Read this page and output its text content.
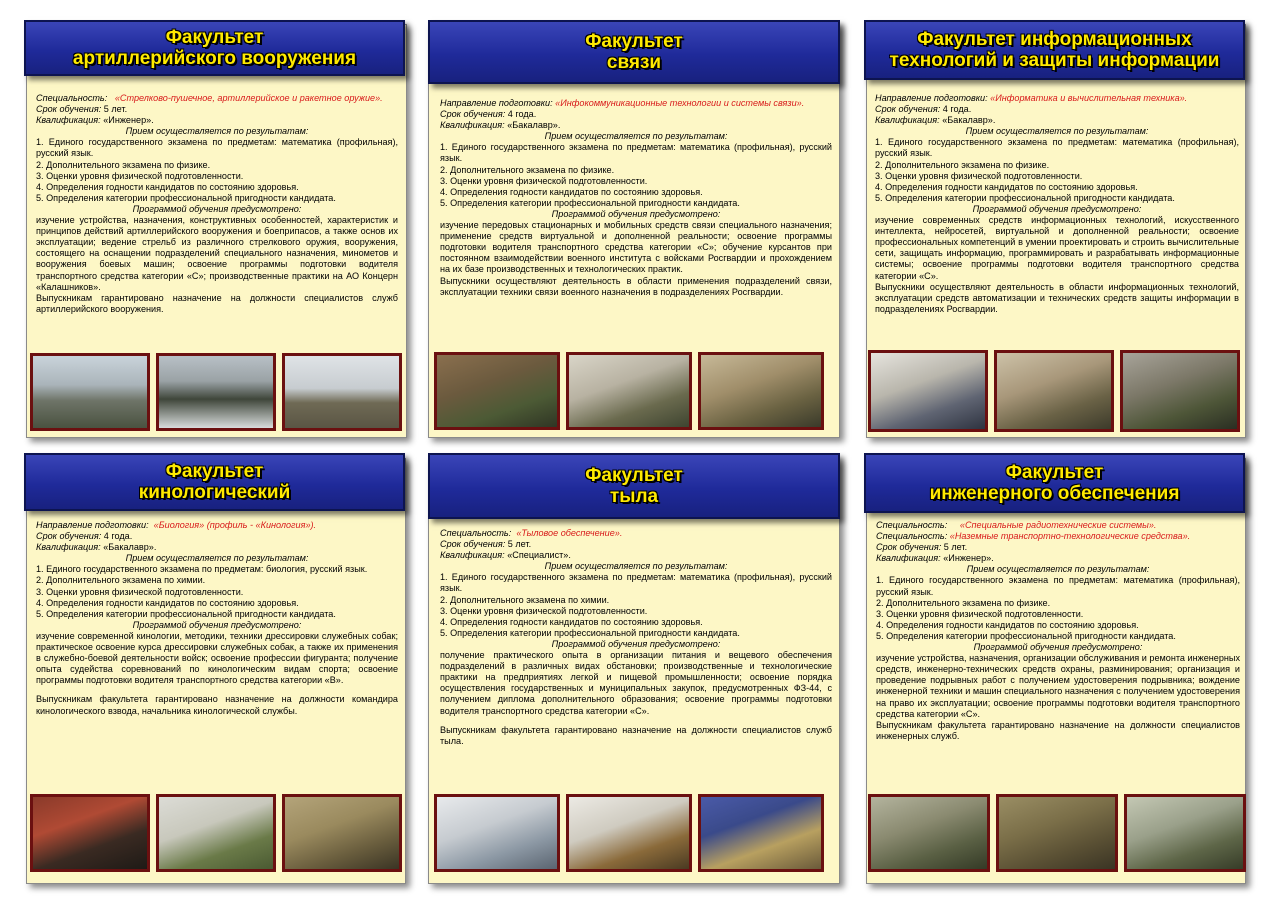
Факультет
артиллерийского вооружения

Специальность: «Стрелково-пушечное, артиллерийское и ракетное оружие».

Срок обучения: 5 лет.

Квалификация: «Инженер».

Прием осуществляется по результатам:

1. Единого государственного экзамена по предметам: математика (профильная), русский язык.

2. Дополнительного экзамена по физике.

3. Оценки уровня физической подготовленности.

4. Определения годности кандидатов по состоянию здоровья.

5. Определения категории профессиональной пригодности кандидата.

Программой обучения предусмотрено:

изучение устройства, назначения, конструктивных особенностей, характеристик и принципов действий артиллерийского вооружения и боеприпасов, а также основ их эксплуатации; ведение стрельб из различного стрелкового оружия, вооружения, состоящего на оснащении подразделений специального назначения, минометов и вооружения боевых машин; освоение программы подготовки водителя транспортного средства категории «С»; производственные практики на АО Концерн «Калашников».

Выпускникам гарантировано назначение на должности специалистов служб артиллерийского вооружения.

Факультет
связи

Направление подготовки: «Инфокоммуникационные технологии и системы связи».

Срок обучения: 4 года.

Квалификация: «Бакалавр».

Прием осуществляется по результатам:

1. Единого государственного экзамена по предметам: математика (профильная), русский язык.

2. Дополнительного экзамена по физике.

3. Оценки уровня физической подготовленности.

4. Определения годности кандидатов по состоянию здоровья.

5. Определения категории профессиональной пригодности кандидата.

Программой обучения предусмотрено:

изучение передовых стационарных и мобильных средств связи специального назначения; применение средств виртуальной и дополненной реальности; освоение программы подготовки водителя транспортного средства категории «С»; обучение курсантов при постоянном взаимодействии военного института с войсками Росгвардии и прохождением на их базе производственных и технологических практик.

Выпускники осуществляют деятельность в области применения подразделений связи, эксплуатации техники связи военного назначения в подразделениях Росгвардии.

Факультет информационных
технологий и защиты информации

Направление подготовки: «Информатика и вычислительная техника».

Срок обучения: 4 года.

Квалификация: «Бакалавр».

Прием осуществляется по результатам:

1. Единого государственного экзамена по предметам: математика (профильная), русский язык.

2. Дополнительного экзамена по физике.

3. Оценки уровня физической подготовленности.

4. Определения годности кандидатов по состоянию здоровья.

5. Определения категории профессиональной пригодности кандидата.

Программой обучения предусмотрено:

изучение современных средств информационных технологий, искусственного интеллекта, нейросетей, виртуальной и дополненной реальности; освоение профессиональных компетенций в умении проектировать и строить вычислительные сети, защищать информацию, программировать и разрабатывать информационные системы; освоение программы подготовки водителя транспортного средства категории «С».

Выпускники осуществляют деятельность в области информационных технологий, эксплуатации средств автоматизации и технических средств защиты информации в подразделениях Росгвардии.

Факультет
кинологический

Направление подготовки: «Биология» (профиль - «Кинология»).

Срок обучения: 4 года.

Квалификация: «Бакалавр».

Прием осуществляется по результатам:

1. Единого государственного экзамена по предметам: биология, русский язык.

2. Дополнительного экзамена по химии.

3. Оценки уровня физической подготовленности.

4. Определения годности кандидатов по состоянию здоровья.

5. Определения категории профессиональной пригодности кандидата.

Программой обучения предусмотрено:

изучение современной кинологии, методики, техники дрессировки служебных собак; практическое освоение курса дрессировки служебных собак, а также их применения в служебно-боевой деятельности войск; освоение профессии фигуранта; получение опыта судейства соревнований по кинологическим видам спорта; освоение программы подготовки водителя транспортного средства категории «В».

Выпускникам факультета гарантировано назначение на должности командира кинологического взвода, начальника кинологической службы.

Факультет
тыла

Специальность: «Тыловое обеспечение».

Срок обучения: 5 лет.

Квалификация: «Специалист».

Прием осуществляется по результатам:

1. Единого государственного экзамена по предметам: математика (профильная), русский язык.

2. Дополнительного экзамена по химии.

3. Оценки уровня физической подготовленности.

4. Определения годности кандидатов по состоянию здоровья.

5. Определения категории профессиональной пригодности кандидата.

Программой обучения предусмотрено:

получение практического опыта в организации питания и вещевого обеспечения подразделений в различных видах обстановки; производственные и технологические практики на предприятиях легкой и пищевой промышленности; освоение порядка осуществления государственных и муниципальных закупок, предусмотренных ФЗ-44, с получением диплома дополнительного образования; освоение программы подготовки водителя транспортного средства категории «С».

Выпускникам факультета гарантировано назначение на должности специалистов служб тыла.

Факультет
инженерного обеспечения

Специальность: «Специальные радиотехнические системы».

Специальность: «Наземные транспортно-технологические средства».

Срок обучения: 5 лет.

Квалификация: «Инженер».

Прием осуществляется по результатам:

1. Единого государственного экзамена по предметам: математика (профильная), русский язык.

2. Дополнительного экзамена по физике.

3. Оценки уровня физической подготовленности.

4. Определения годности кандидатов по состоянию здоровья.

5. Определения категории профессиональной пригодности кандидата.

Программой обучения предусмотрено:

изучение устройства, назначения, организации обслуживания и ремонта инженерных средств, инженерно-технических средств охраны, разминирования; организация и проведение подрывных работ с получением удостоверения подрывника; вождение инженерной техники и машин специального назначения с получением удостоверения на право их эксплуатации; освоение программы подготовки водителя транспортного средства категории «С».

Выпускникам факультета гарантировано назначение на должности специалистов инженерных служб.
